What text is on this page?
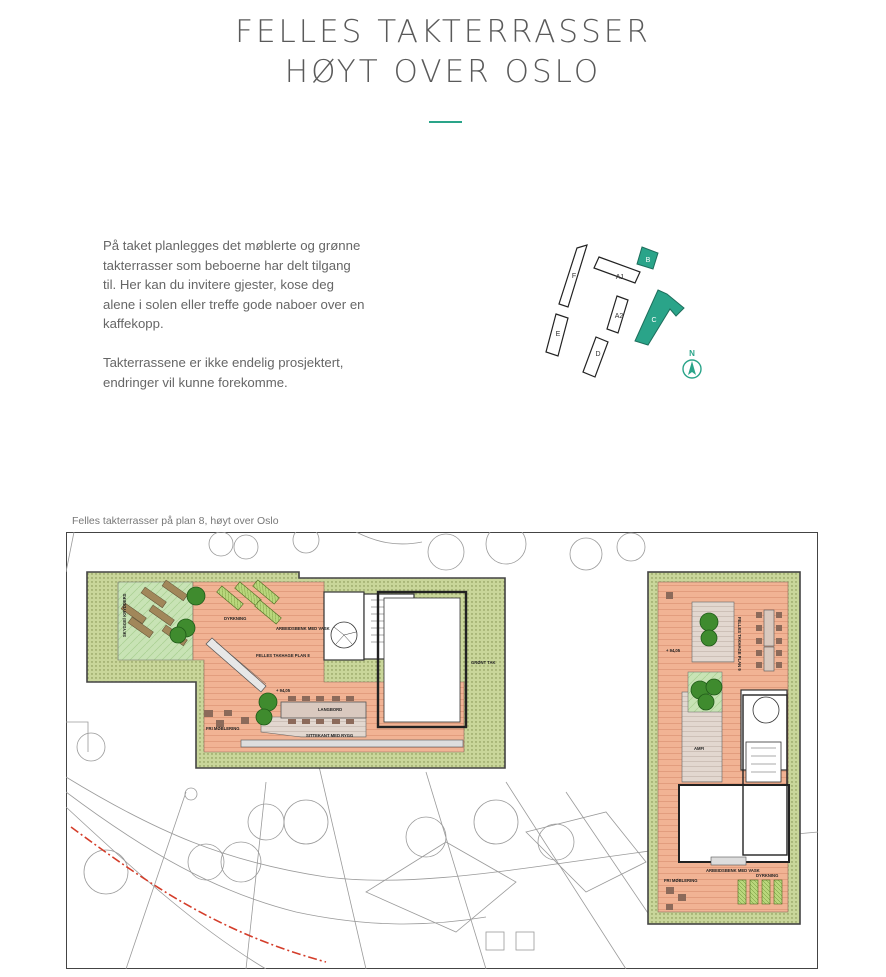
FELLES TAKTERRASSER
HØYT OVER OSLO

På taket planlegges det møblerte og grønne takterrasser som beboerne har delt tilgang til. Her kan du invitere gjester, kose deg alene i solen eller treffe gode naboer over en kaffekopp.

Takterrassene er ikke endelig prosjektert, endringer vil kunne forekomme.

F	A1
B
E
A2
C
D	N
Felles takterrasser på plan 8, høyt over Oslo
SKYGGE/ KRYDDERS	DYRKNING
ARBEIDSBENK MED VASK
FELLES TAKHAGE PLAN 8
LANGBORD
FRI MØBLERING
SITTEKANT MED RYGG
GRØNT TAK
+ 94,05
FELLES TAKHAGE PLAN 9
AMFI
ARBEIDSBENK MED VASK
FRI MØBLERING
DYRKNING
+ 94,05
